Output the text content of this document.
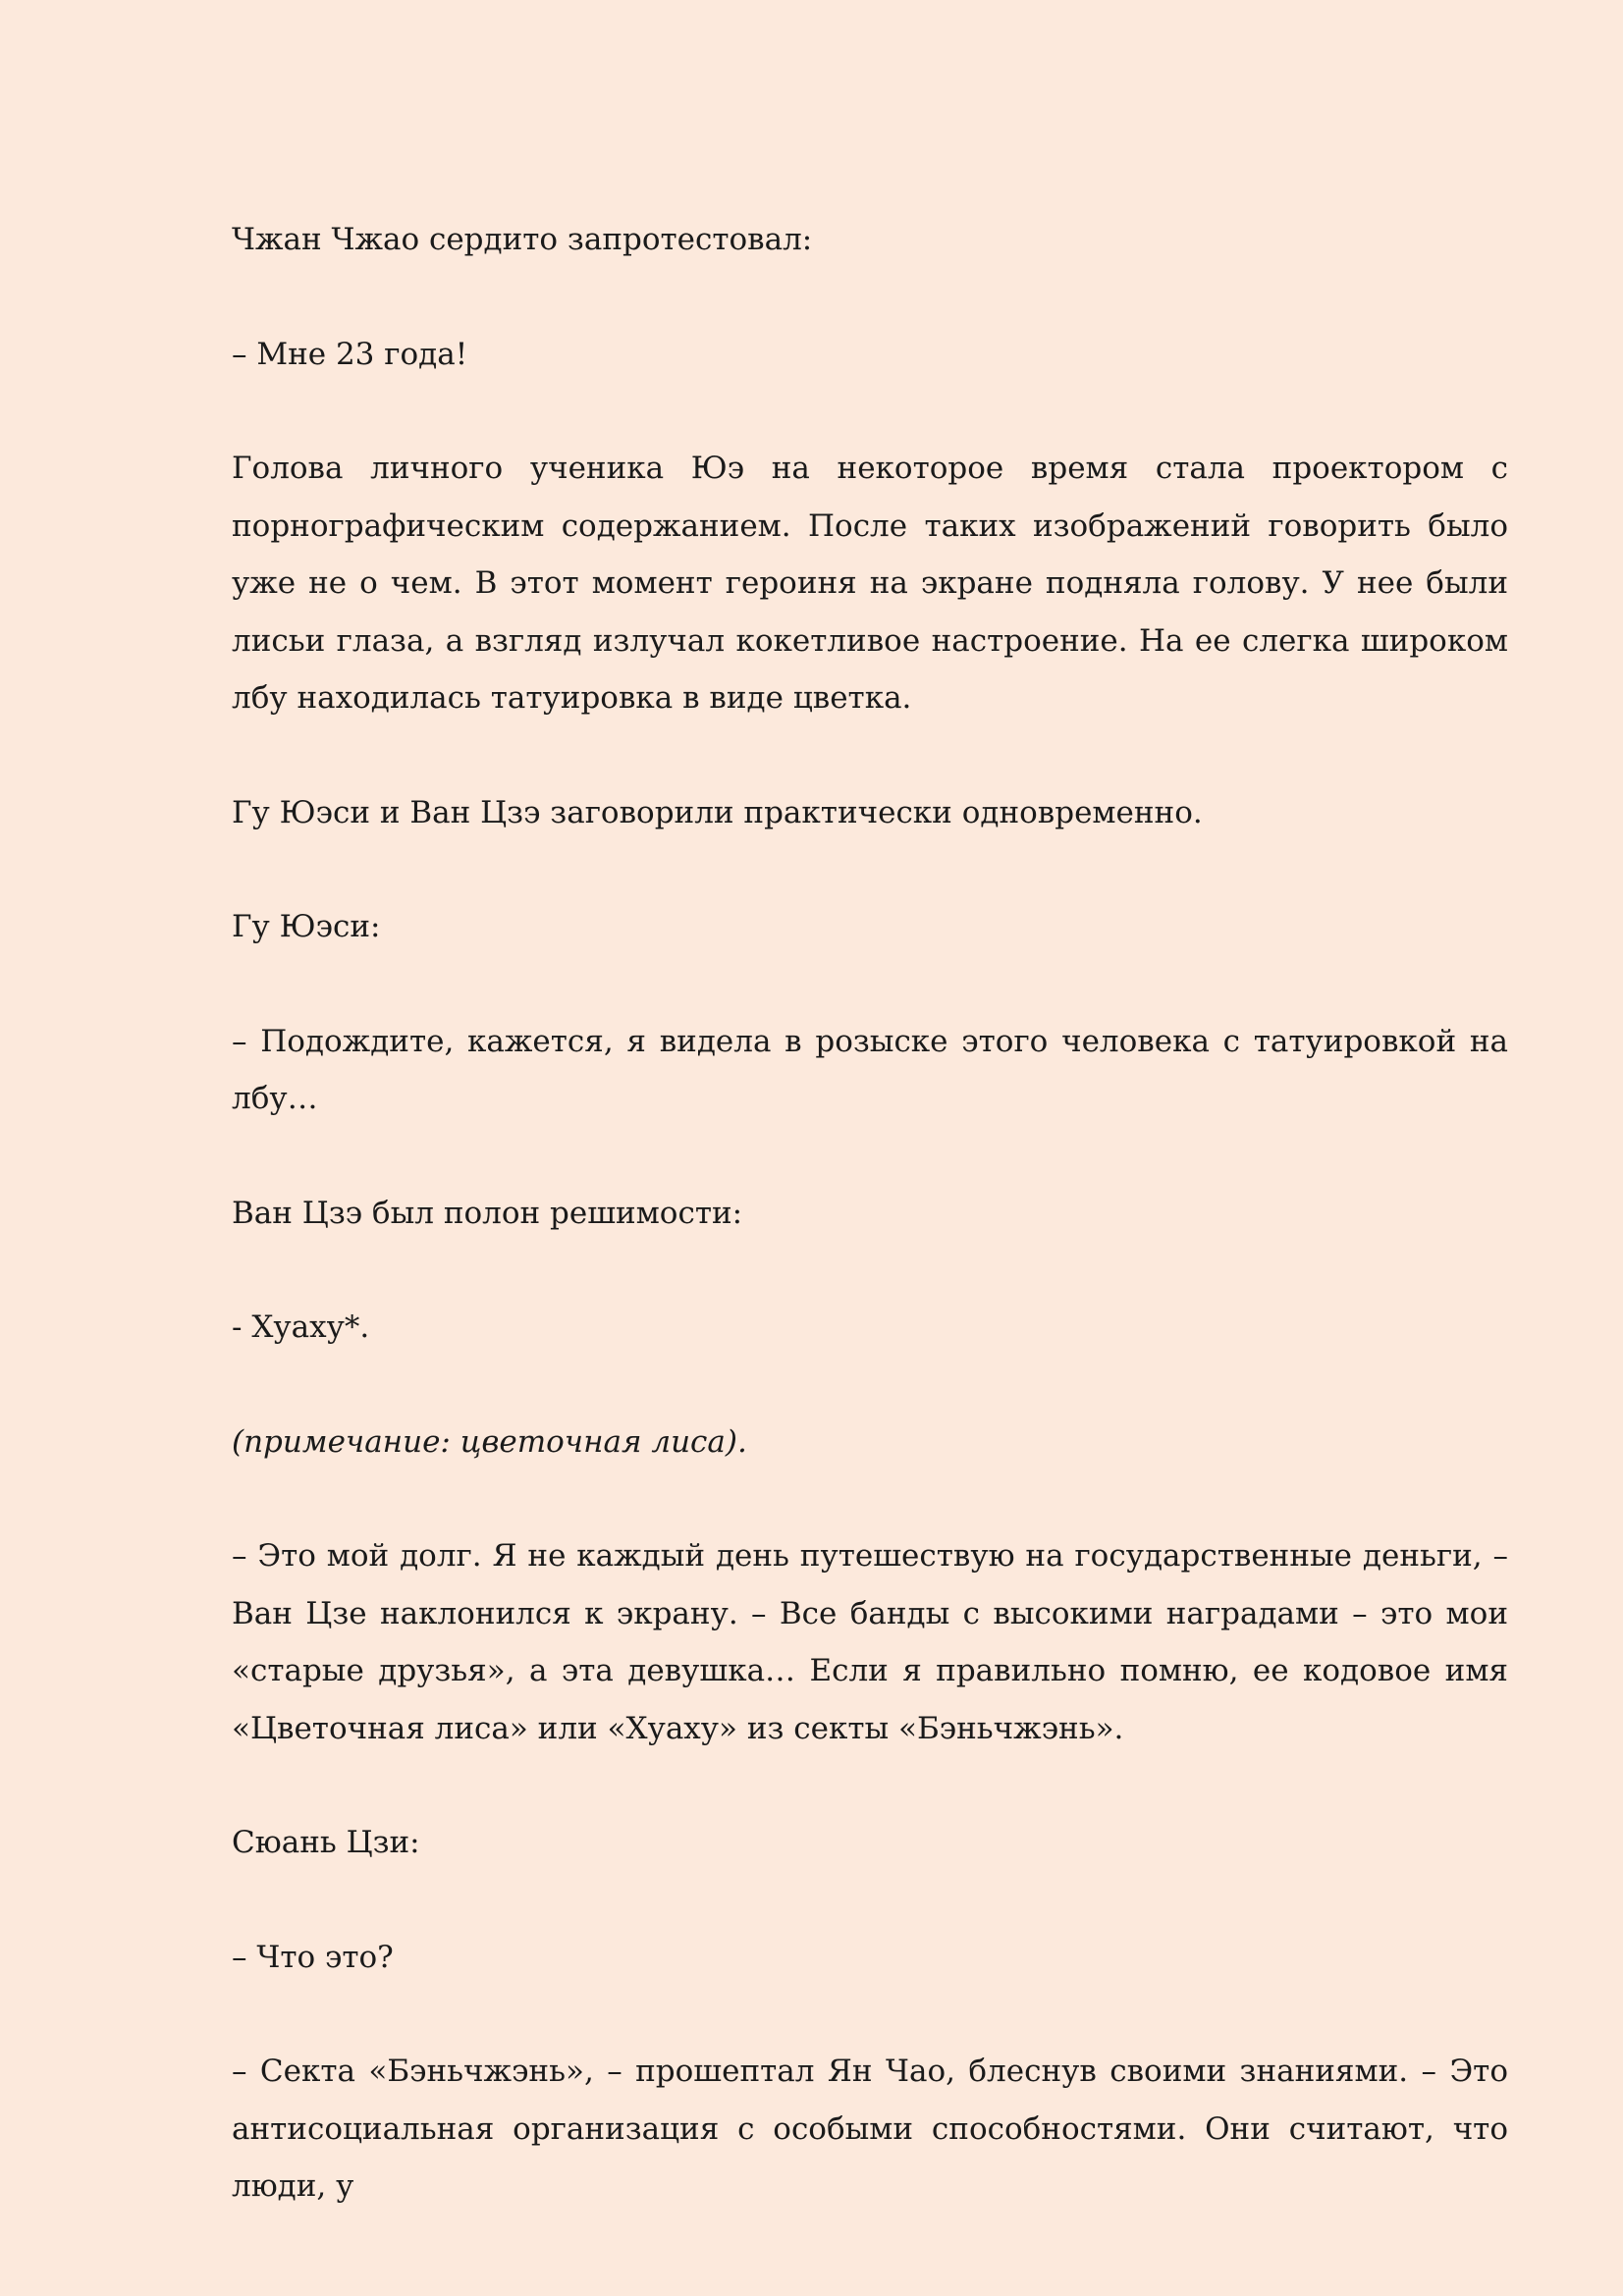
Чжан Чжао сердито запротестовал:

– Мне 23 года!

Голова личного ученика Юэ на некоторое время стала проектором с порнографическим содержанием. После таких изображений говорить было уже не о чем. В этот момент героиня на экране подняла голову. У нее были лисьи глаза, а взгляд излучал кокетливое настроение. На ее слегка широком лбу находилась татуировка в виде цветка.

Гу Юэси и Ван Цзэ заговорили практически одновременно.

Гу Юэси:

– Подождите, кажется, я видела в розыске этого человека с татуировкой на лбу…

Ван Цзэ был полон решимости:

- Хуаху*.

(примечание: цветочная лиса).

– Это мой долг. Я не каждый день путешествую на государственные деньги, – Ван Цзе наклонился к экрану. – Все банды с высокими наградами – это мои «старые друзья», а эта девушка… Если я правильно помню, ее кодовое имя «Цветочная лиса» или «Хуаху» из секты «Бэньчжэнь».

Сюань Цзи:

– Что это?

– Секта «Бэньчжэнь», – прошептал Ян Чао, блеснув своими знаниями. – Это антисоциальная организация с особыми способностями. Они считают, что люди, у
